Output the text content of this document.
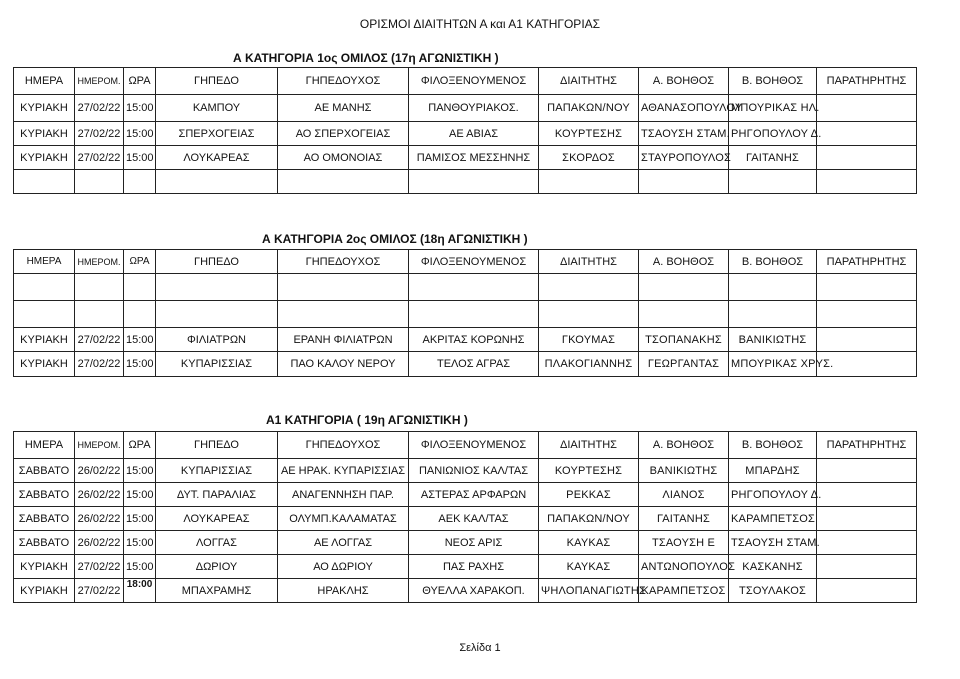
ΟΡΙΣΜΟΙ ΔΙΑΙΤΗΤΩΝ Α και Α1 ΚΑΤΗΓΟΡΙΑΣ
Α ΚΑΤΗΓΟΡΙΑ 1ος ΟΜΙΛΟΣ (17η ΑΓΩΝΙΣΤΙΚΗ )
ΗΜΕΡΑ	ΗΜΕΡΟΜ.	ΩΡΑ	ΓΗΠΕΔΟ	ΓΗΠΕΔΟΥΧΟΣ	ΦΙΛΟΞΕΝΟΥΜΕΝΟΣ	ΔΙΑΙΤΗΤΗΣ	Α. ΒΟΗΘΟΣ	Β. ΒΟΗΘΟΣ	ΠΑΡΑΤΗΡΗΤΗΣ
ΚΥΡΙΑΚΗ	27/02/22	15:00	ΚΑΜΠΟΥ	ΑΕ ΜΑΝΗΣ	ΠΑΝΘΟΥΡΙΑΚΟΣ.	ΠΑΠΑΚΩΝ/ΝΟΥ	ΑΘΑΝΑΣΟΠΟΥΛΟΥ	ΜΠΟΥΡΙΚΑΣ ΗΛ.	
ΚΥΡΙΑΚΗ	27/02/22	15:00	ΣΠΕΡΧΟΓΕΙΑΣ	ΑΟ ΣΠΕΡΧΟΓΕΙΑΣ	ΑΕ ΑΒΙΑΣ	ΚΟΥΡΤΕΣΗΣ	ΤΣΑΟΥΣΗ ΣΤΑΜ.	ΡΗΓΟΠΟΥΛΟΥ Δ.	
ΚΥΡΙΑΚΗ	27/02/22	15:00	ΛΟΥΚΑΡΕΑΣ	ΑΟ ΟΜΟΝΟΙΑΣ	ΠΑΜΙΣΟΣ ΜΕΣΣΗΝΗΣ	ΣΚΟΡΔΟΣ	ΣΤΑΥΡΟΠΟΥΛΟΣ	ΓΑΙΤΑΝΗΣ	

Α ΚΑΤΗΓΟΡΙΑ 2ος ΟΜΙΛΟΣ (18η ΑΓΩΝΙΣΤΙΚΗ )
ΗΜΕΡΑ	ΗΜΕΡΟΜ.	ΩΡΑ	ΓΗΠΕΔΟ	ΓΗΠΕΔΟΥΧΟΣ	ΦΙΛΟΞΕΝΟΥΜΕΝΟΣ	ΔΙΑΙΤΗΤΗΣ	Α. ΒΟΗΘΟΣ	Β. ΒΟΗΘΟΣ	ΠΑΡΑΤΗΡΗΤΗΣ

ΚΥΡΙΑΚΗ	27/02/22	15:00	ΦΙΛΙΑΤΡΩΝ	ΕΡΑΝΗ ΦΙΛΙΑΤΡΩΝ	ΑΚΡΙΤΑΣ ΚΟΡΩΝΗΣ	ΓΚΟΥΜΑΣ	ΤΣΟΠΑΝΑΚΗΣ	ΒΑΝΙΚΙΩΤΗΣ	
ΚΥΡΙΑΚΗ	27/02/22	15:00	ΚΥΠΑΡΙΣΣΙΑΣ	ΠΑΟ ΚΑΛΟΥ ΝΕΡΟΥ	ΤΕΛΟΣ ΑΓΡΑΣ	ΠΛΑΚΟΓΙΑΝΝΗΣ	ΓΕΩΡΓΑΝΤΑΣ	ΜΠΟΥΡΙΚΑΣ ΧΡΥΣ.	
Α1 ΚΑΤΗΓΟΡΙΑ ( 19η ΑΓΩΝΙΣΤΙΚΗ )
ΗΜΕΡΑ	ΗΜΕΡΟΜ.	ΩΡΑ	ΓΗΠΕΔΟ	ΓΗΠΕΔΟΥΧΟΣ	ΦΙΛΟΞΕΝΟΥΜΕΝΟΣ	ΔΙΑΙΤΗΤΗΣ	Α. ΒΟΗΘΟΣ	Β. ΒΟΗΘΟΣ	ΠΑΡΑΤΗΡΗΤΗΣ
ΣΑΒΒΑΤΟ	26/02/22	15:00	ΚΥΠΑΡΙΣΣΙΑΣ	ΑΕ ΗΡΑΚ. ΚΥΠΑΡΙΣΣΙΑΣ	ΠΑΝΙΩΝΙΟΣ ΚΑΛ/ΤΑΣ	ΚΟΥΡΤΕΣΗΣ	ΒΑΝΙΚΙΩΤΗΣ	ΜΠΑΡΔΗΣ	
ΣΑΒΒΑΤΟ	26/02/22	15:00	ΔΥΤ. ΠΑΡΑΛΙΑΣ	ΑΝΑΓΕΝΝΗΣΗ ΠΑΡ.	ΑΣΤΕΡΑΣ ΑΡΦΑΡΩΝ	ΡΕΚΚΑΣ	ΛΙΑΝΟΣ	ΡΗΓΟΠΟΥΛΟΥ Δ.	
ΣΑΒΒΑΤΟ	26/02/22	15:00	ΛΟΥΚΑΡΕΑΣ	ΟΛΥΜΠ.ΚΑΛΑΜΑΤΑΣ	ΑΕΚ ΚΑΛ/ΤΑΣ	ΠΑΠΑΚΩΝ/ΝΟΥ	ΓΑΙΤΑΝΗΣ	ΚΑΡΑΜΠΕΤΣΟΣ	
ΣΑΒΒΑΤΟ	26/02/22	15:00	ΛΟΓΓΑΣ	ΑΕ ΛΟΓΓΑΣ	ΝΕΟΣ ΑΡΙΣ	ΚΑΥΚΑΣ	ΤΣΑΟΥΣΗ Ε	ΤΣΑΟΥΣΗ ΣΤΑΜ.	
ΚΥΡΙΑΚΗ	27/02/22	15:00	ΔΩΡΙΟΥ	ΑΟ ΔΩΡΙΟΥ	ΠΑΣ ΡΑΧΗΣ	ΚΑΥΚΑΣ	ΑΝΤΩΝΟΠΟΥΛΟΣ	ΚΑΣΚΑΝΗΣ	
ΚΥΡΙΑΚΗ	27/02/22	18:00	ΜΠΑΧΡΑΜΗΣ	ΗΡΑΚΛΗΣ	ΘΥΕΛΛΑ ΧΑΡΑΚΟΠ.	ΨΗΛΟΠΑΝΑΓΙΩΤΗΣ	ΚΑΡΑΜΠΕΤΣΟΣ	ΤΣΟΥΛΑΚΟΣ	
Σελίδα 1
